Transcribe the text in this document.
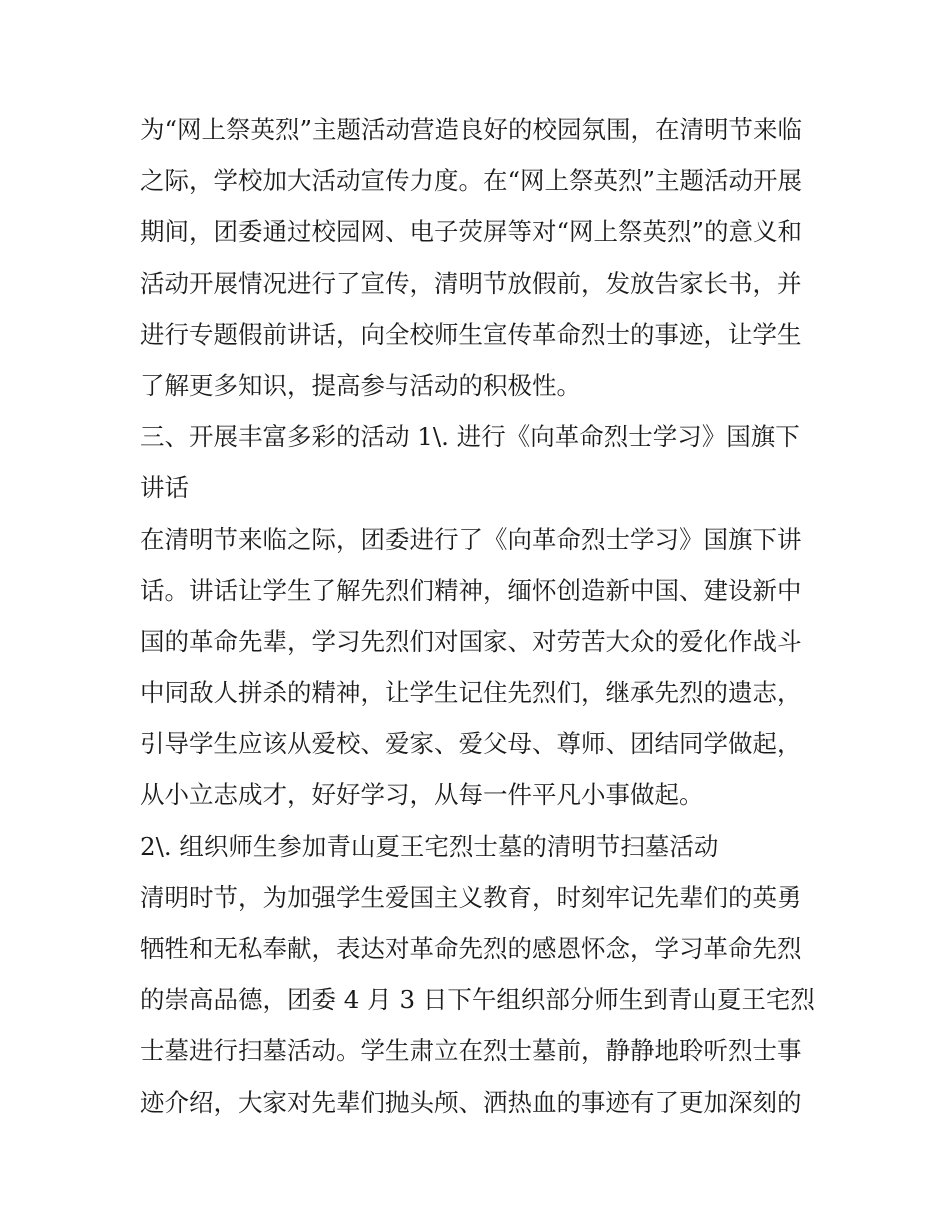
为“网上祭英烈”主题活动营造良好的校园氛围，在清明节来临
之际，学校加大活动宣传力度。在“网上祭英烈”主题活动开展
期间，团委通过校园网、电子荧屏等对“网上祭英烈”的意义和
活动开展情况进行了宣传，清明节放假前，发放告家长书，并
进行专题假前讲话，向全校师生宣传革命烈士的事迹，让学生
了解更多知识，提高参与活动的积极性。
三、开展丰富多彩的活动 1\. 进行《向革命烈士学习》国旗下
讲话
在清明节来临之际，团委进行了《向革命烈士学习》国旗下讲
话。讲话让学生了解先烈们精神，缅怀创造新中国、建设新中
国的革命先辈，学习先烈们对国家、对劳苦大众的爱化作战斗
中同敌人拼杀的精神，让学生记住先烈们，继承先烈的遗志，
引导学生应该从爱校、爱家、爱父母、尊师、团结同学做起，
从小立志成才，好好学习，从每一件平凡小事做起。
2\. 组织师生参加青山夏王宅烈士墓的清明节扫墓活动
清明时节，为加强学生爱国主义教育，时刻牢记先辈们的英勇
牺牲和无私奉献，表达对革命先烈的感恩怀念，学习革命先烈
的崇高品德，团委 4 月 3 日下午组织部分师生到青山夏王宅烈
士墓进行扫墓活动。学生肃立在烈士墓前，静静地聆听烈士事
迹介绍，大家对先辈们抛头颅、洒热血的事迹有了更加深刻的
